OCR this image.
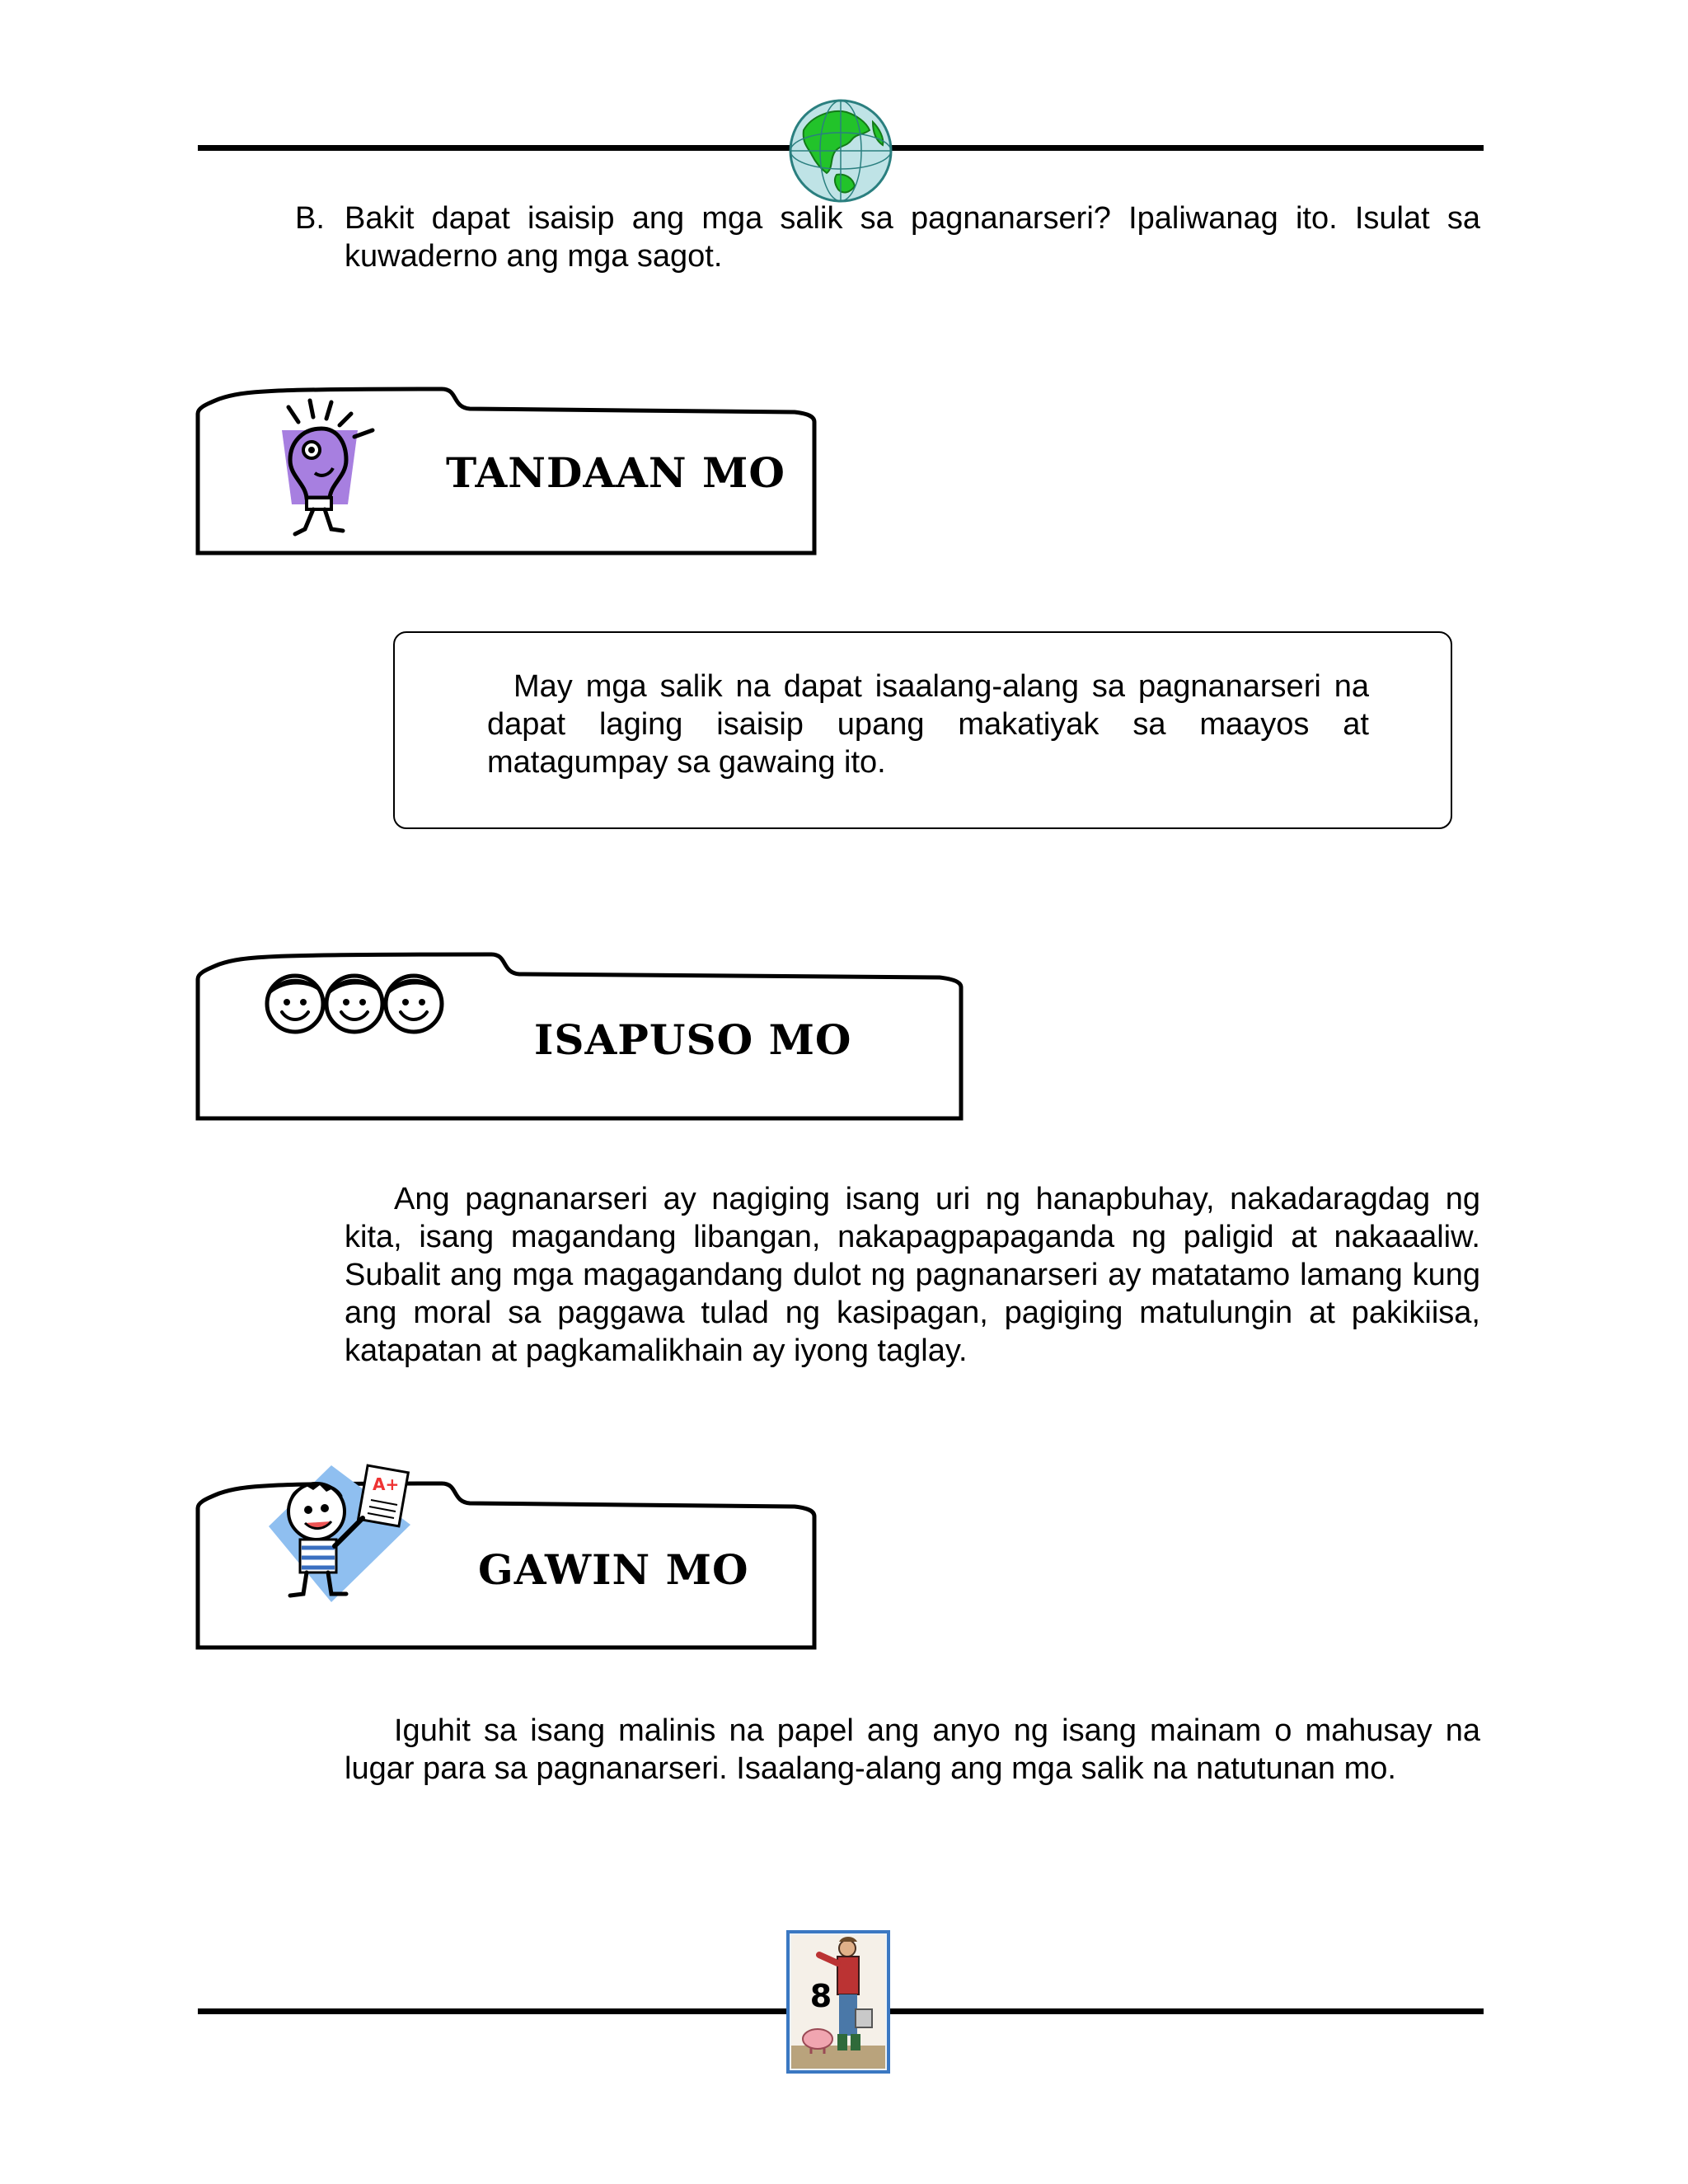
B. Bakit dapat isaisip ang mga salik sa pagnanarseri? Ipaliwanag ito. Isulat sa kuwaderno ang mga sagot.

TANDAAN MO

May mga salik na dapat isaalang-alang sa pagnanarseri na dapat laging isaisip upang makatiyak sa maayos at matagumpay sa gawaing ito.

ISAPUSO MO

Ang pagnanarseri ay nagiging isang uri ng hanapbuhay, nakadaragdag ng kita, isang magandang libangan, nakapagpapaganda ng paligid at nakaaaliw. Subalit ang mga magagandang dulot ng pagnanarseri ay matatamo lamang kung ang moral sa paggawa tulad ng kasipagan, pagiging matulungin at pakikiisa, katapatan at pagkamalikhain ay iyong taglay.

A+
GAWIN MO

Iguhit sa isang malinis na papel ang anyo ng isang mainam o mahusay na lugar para sa pagnanarseri. Isaalang-alang ang mga salik na natutunan mo.

8
